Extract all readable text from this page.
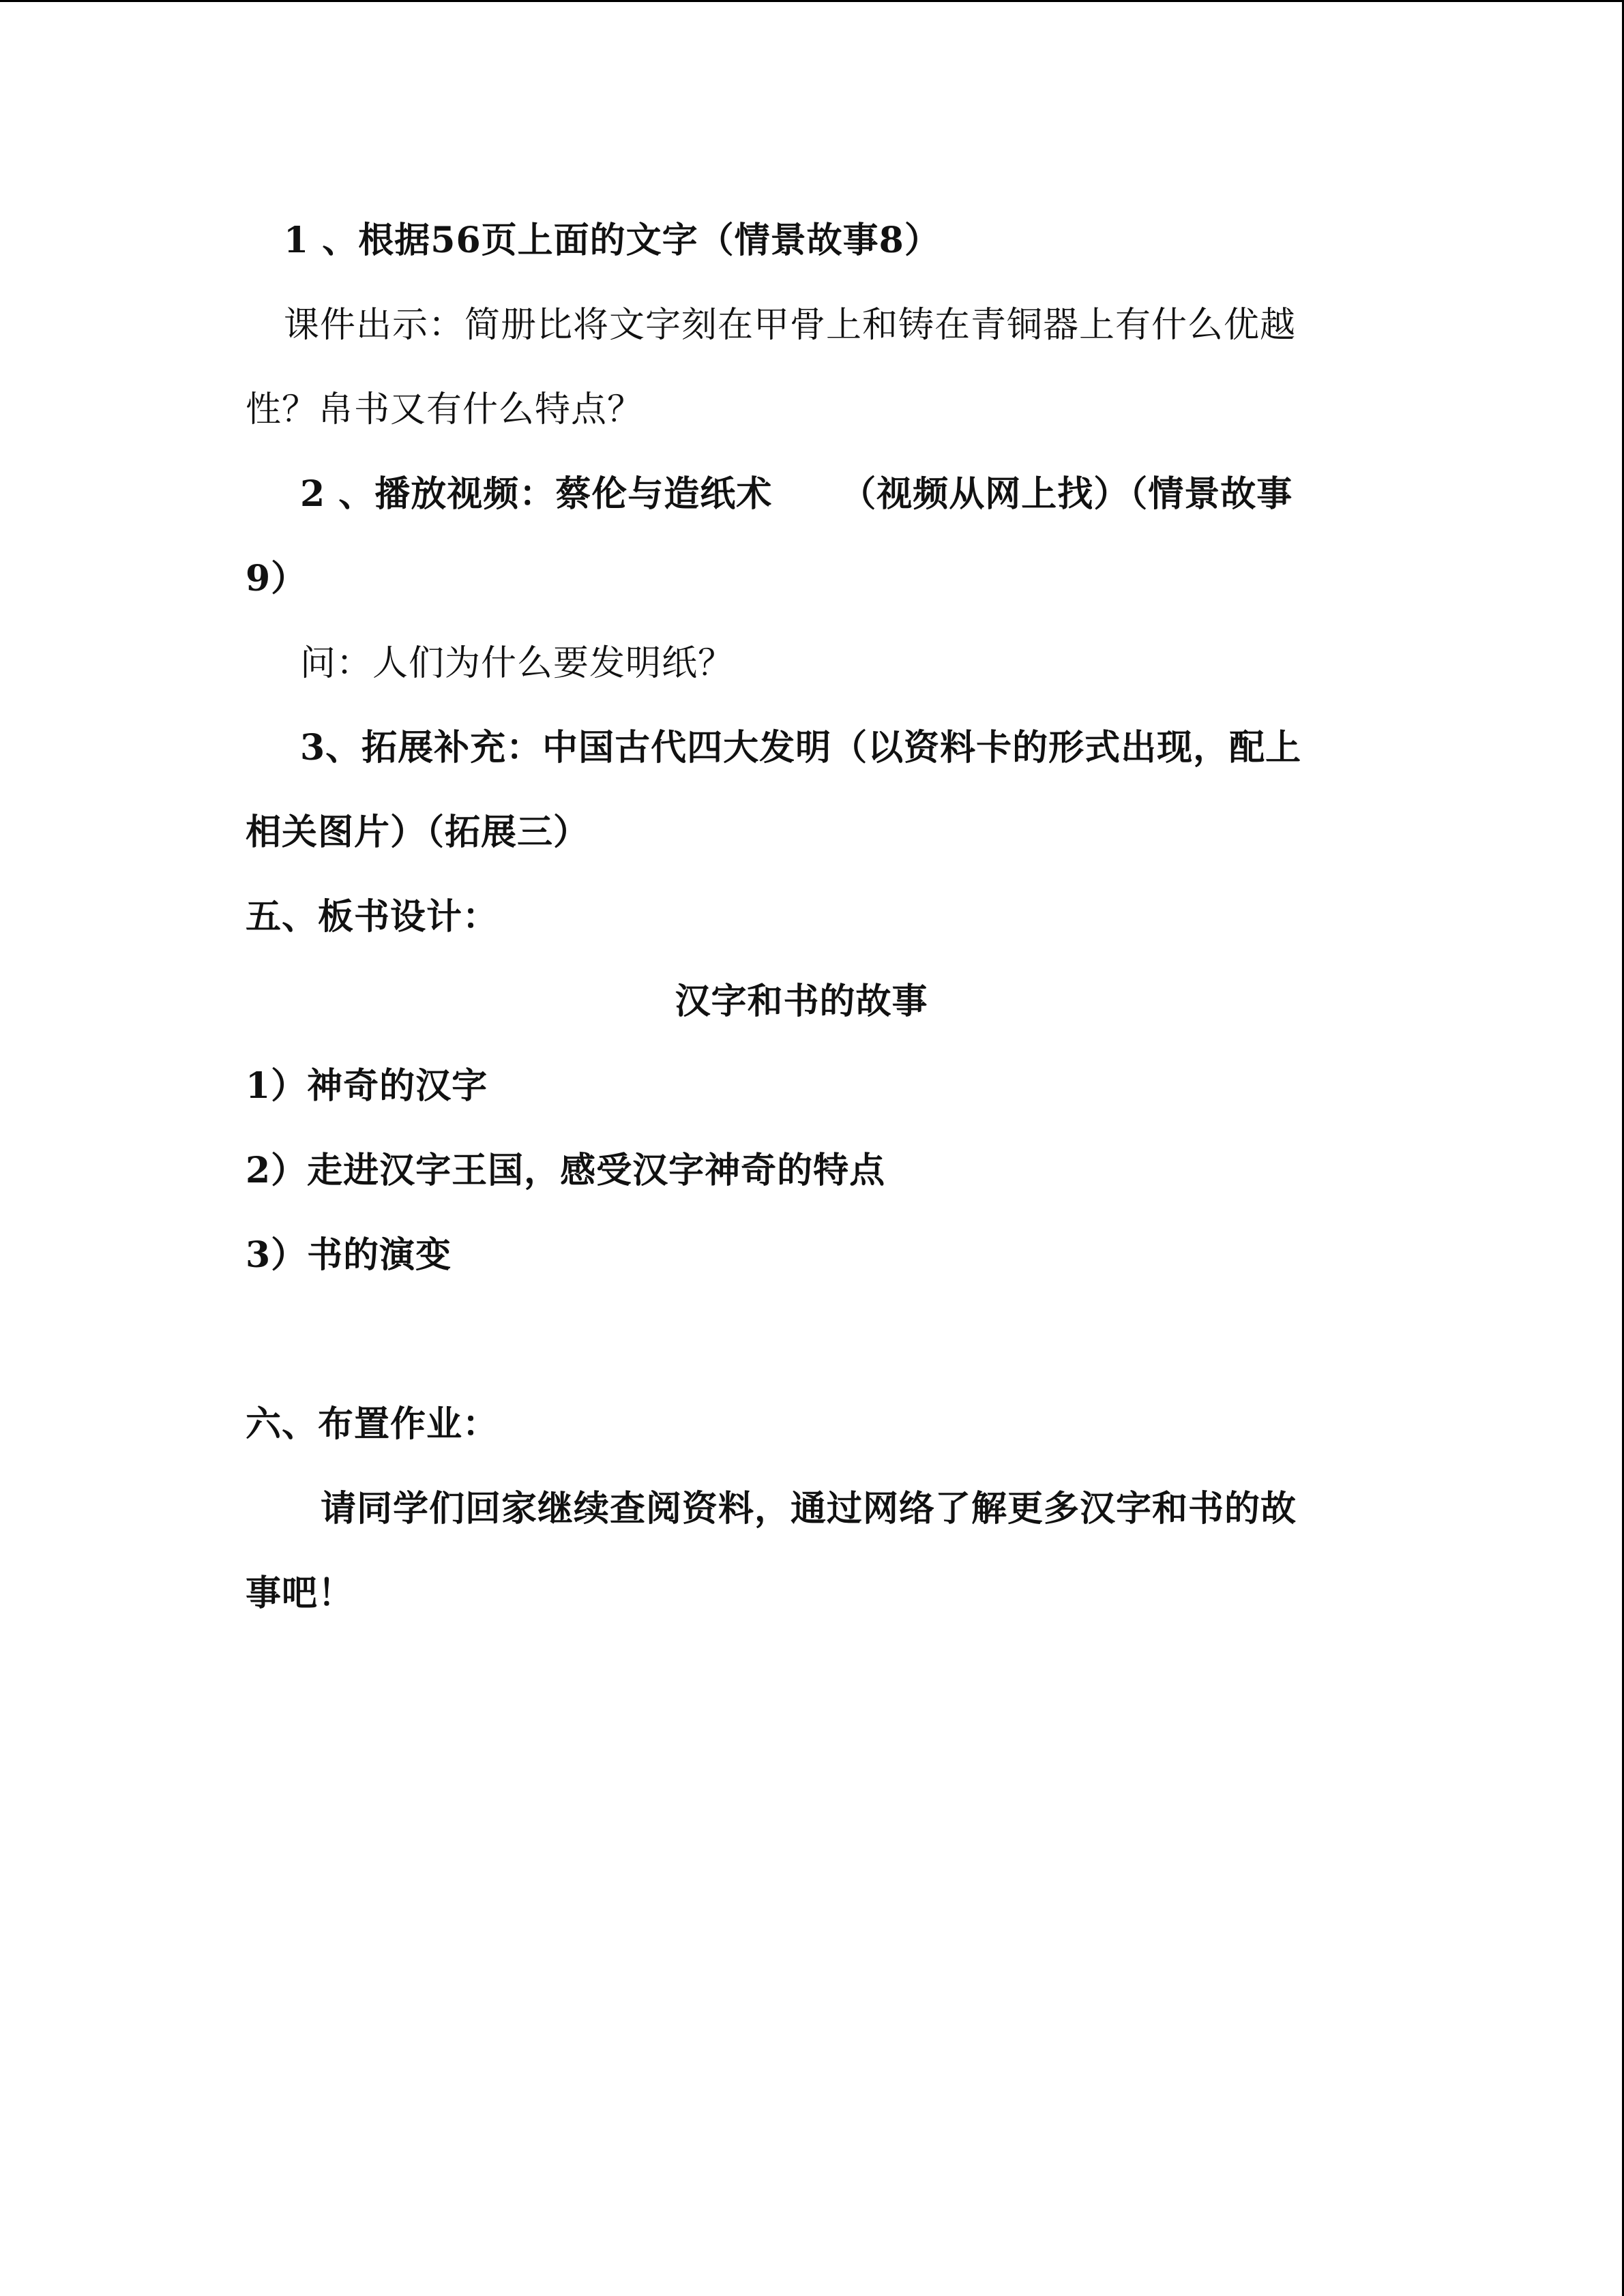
1 、根据56页上面的文字（情景故事8）
课件出示：简册比将文字刻在甲骨上和铸在青铜器上有什么优越
性？帛书又有什么特点？
2 、播放视频：蔡伦与造纸术 （视频从网上找）（情景故事
9）
问：人们为什么要发明纸？
3、拓展补充：中国古代四大发明（以资料卡的形式出现，配上
相关图片）（拓展三）
五、板书设计：
汉字和书的故事
1）神奇的汉字
2）走进汉字王国，感受汉字神奇的特点
3）书的演变
六、布置作业：
请同学们回家继续查阅资料，通过网络了解更多汉字和书的故
事吧！
